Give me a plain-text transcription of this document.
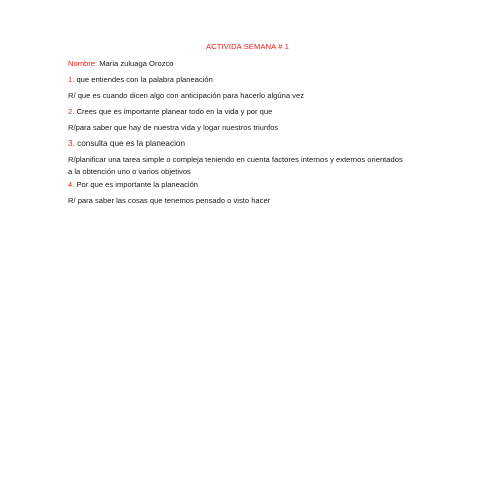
ACTIVIDA SEMANA # 1
Nombre: Maria zuluaga Orozco
1. que entiendes con la palabra planeación
R/ que es cuando dicen algo con anticipación para hacerlo algúna vez
2. Crees que es importante planear todo en la vida y por que
R/para saber que hay de nuestra vida y logar nuestros triunfos
3. consulta que es la planeacion
R/planificar una tarea simple o compleja teniendo en cuenta factores internos y externos orientados a la obtención uno o varios objetivos
4. Por que es importante la planeación
R/ para saber las cosas que tenemos pensado o visto hacer
